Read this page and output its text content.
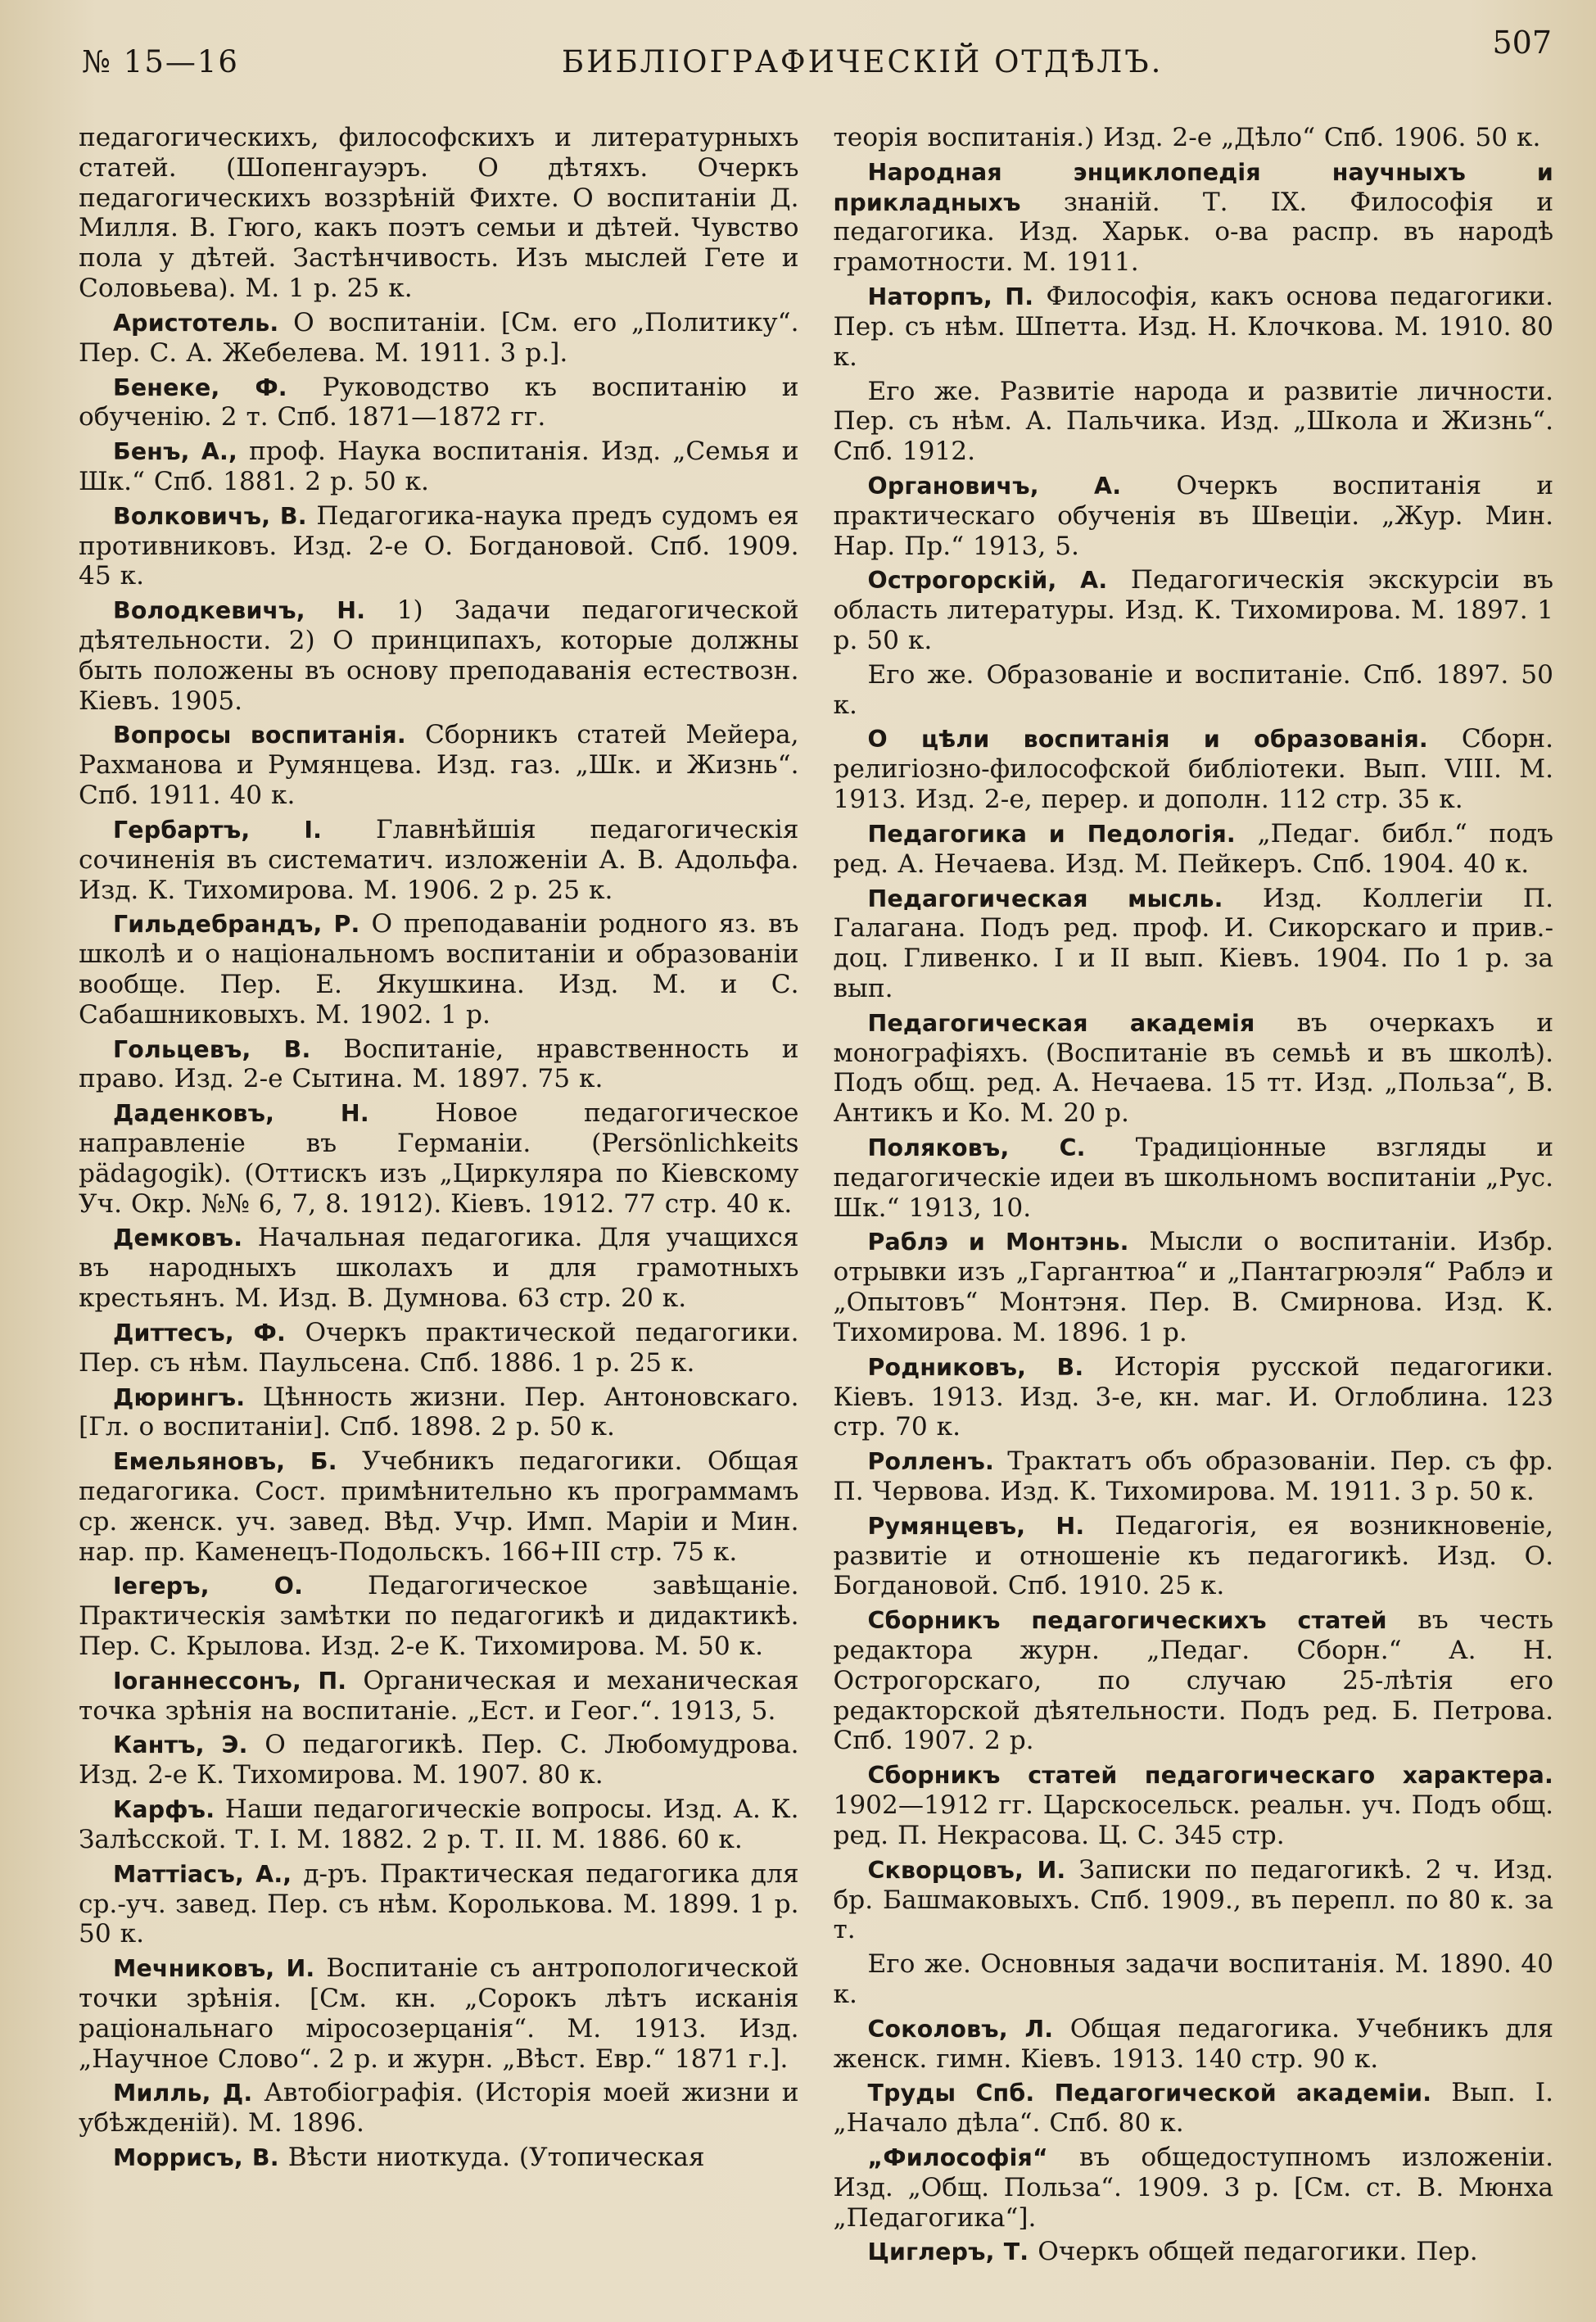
№ 15—16	БИБЛІОГРАФИЧЕСКІЙ ОТДѢЛЪ.
507

педагогическихъ, философскихъ и литературныхъ статей. (Шопенгауэръ. О дѣтяхъ. Очеркъ педагогическихъ воззрѣній Фихте. О воспитаніи Д. Милля. В. Гюго, какъ поэтъ семьи и дѣтей. Чувство пола у дѣтей. Застѣнчивость. Изъ мыслей Гете и Соловьева). М. 1 р. 25 к.

Аристотель. О воспитаніи. [См. его „Политику“. Пер. С. А. Жебелева. М. 1911. 3 р.].

Бенеке, Ф. Руководство къ воспитанію и обученію. 2 т. Спб. 1871—1872 гг.

Бенъ, А., проф. Наука воспитанія. Изд. „Семья и Шк.“ Спб. 1881. 2 р. 50 к.

Волковичъ, В. Педагогика-наука предъ судомъ ея противниковъ. Изд. 2-е О. Богдановой. Спб. 1909. 45 к.

Володкевичъ, Н. 1) Задачи педагогической дѣятельности. 2) О принципахъ, которые должны быть положены въ основу преподаванія естествозн. Кіевъ. 1905.

Вопросы воспитанія. Сборникъ статей Мейера, Рахманова и Румянцева. Изд. газ. „Шк. и Жизнь“. Спб. 1911. 40 к.

Гербартъ, I. Главнѣйшія педагогическія сочиненія въ систематич. изложеніи А. В. Адольфа. Изд. К. Тихомирова. М. 1906. 2 р. 25 к.

Гильдебрандъ, Р. О преподаваніи родного яз. въ школѣ и о національномъ воспитаніи и образованіи вообще. Пер. Е. Якушкина. Изд. М. и С. Сабашниковыхъ. М. 1902. 1 р.

Гольцевъ, В. Воспитаніе, нравственность и право. Изд. 2-е Сытина. М. 1897. 75 к.

Даденковъ, Н.	Новое педагогическое направленіе въ Германіи. (Persönlichkeits pädagogik). (Оттискъ изъ „Циркуляра по Кіевскому Уч. Окр. №№ 6, 7, 8. 1912). Кіевъ. 1912. 77 стр. 40 к.

Демковъ. Начальная педагогика. Для учащихся въ народныхъ школахъ и для грамотныхъ крестьянъ. М. Изд. В. Думнова. 63 стр. 20 к.

Диттесъ, Ф. Очеркъ практической педагогики. Пер. съ нѣм. Паульсена. Спб. 1886. 1 р. 25 к.

Дюрингъ. Цѣнность жизни. Пер. Антоновскаго. [Гл. о воспитаніи]. Спб. 1898. 2 р. 50 к.

Емельяновъ, Б. Учебникъ педагогики. Общая педагогика. Сост. примѣнительно къ программамъ ср. женск. уч. завед. Вѣд. Учр. Имп. Маріи и Мин. нар. пр. Каменецъ-Подольскъ. 166+III стр. 75 к.

Іегеръ, О.	Педагогическое завѣщаніе. Практическія замѣтки по педагогикѣ и дидактикѣ. Пер. С. Крылова. Изд. 2-е К. Тихомирова. М. 50 к.

Іоганнессонъ, П. Органическая и механическая точка зрѣнія на воспитаніе. „Ест. и Геог.“. 1913, 5.

Кантъ, Э. О педагогикѣ. Пер. С. Любомудрова. Изд. 2-е К. Тихомирова. М. 1907. 80 к.

Карфъ. Наши педагогическіе вопросы. Изд. А. К. Залѣсской. Т. I. М. 1882. 2 р. Т. II. М. 1886. 60 к.

Маттіасъ, А., д-ръ. Практическая педагогика для ср.-уч. завед. Пер. съ нѣм. Королькова. М. 1899. 1 р. 50 к.

Мечниковъ, И. Воспитаніе съ антропологической точки зрѣнія. [См. кн. „Сорокъ лѣтъ исканія раціональнаго міросозерцанія“. М. 1913. Изд. „Научное Слово“. 2 р. и журн. „Вѣст. Евр.“ 1871 г.].

Милль, Д. Автобіографія. (Исторія моей жизни и убѣжденій). М. 1896.

Моррисъ, В. Вѣсти ниоткуда. (Утопическая

теорія воспитанія.) Изд. 2-е „Дѣло“ Спб. 1906. 50 к.

Народная энциклопедія научныхъ и прикладныхъ знаній. Т. IX. Философія и педагогика. Изд. Харьк. о-ва распр. въ народѣ грамотности. М. 1911.

Наторпъ, П. Философія, какъ основа педагогики. Пер. съ нѣм. Шпетта. Изд. Н. Клочкова. М. 1910. 80 к.

Его же. Развитіе народа и развитіе личности. Пер. съ нѣм. А. Пальчика. Изд. „Школа и Жизнь“. Спб. 1912.

Органовичъ, А. Очеркъ воспитанія и практическаго обученія въ Швеціи. „Жур. Мин. Нар. Пр.“ 1913, 5.

Острогорскій, А. Педагогическія экскурсіи въ область литературы. Изд. К. Тихомирова. М. 1897. 1 р. 50 к.

Его же. Образованіе и воспитаніе. Спб. 1897. 50 к.

О цѣли воспитанія и образованія. Сборн. религіозно-философской библіотеки. Вып. VIII. М. 1913. Изд. 2-е, перер. и дополн. 112 стр. 35 к.

Педагогика и Педологія. „Педаг. библ.“ подъ ред. А. Нечаева. Изд. М. Пейкеръ. Спб. 1904. 40 к.

Педагогическая мысль. Изд. Коллегіи П. Галагана. Подъ ред. проф. И. Сикорскаго и прив.-доц. Гливенко. I и II вып. Кіевъ. 1904. По 1 р. за вып.

Педагогическая академія въ очеркахъ и монографіяхъ. (Воспитаніе въ семьѣ и въ школѣ). Подъ общ. ред. А. Нечаева. 15 тт. Изд. „Польза“, В. Антикъ и Ко. М. 20 р.

Поляковъ, С. Традиціонные взгляды и педагогическіе идеи въ школьномъ воспитаніи „Рус. Шк.“ 1913, 10.

Раблэ и Монтэнь. Мысли о воспитаніи. Избр. отрывки изъ „Гаргантюа“ и „Пантагрюэля“ Раблэ и „Опытовъ“ Монтэня. Пер. В. Смирнова. Изд. К. Тихомирова. М. 1896. 1 р.

Родниковъ, В. Исторія русской педагогики. Кіевъ. 1913. Изд. 3-е, кн. маг. И. Оглоблина. 123 стр. 70 к.

Ролленъ. Трактатъ объ образованіи. Пер. съ фр. П. Червова. Изд. К. Тихомирова. М. 1911. 3 р. 50 к.

Румянцевъ, Н. Педагогія, ея возникновеніе, развитіе и отношеніе къ педагогикѣ. Изд. О. Богдановой. Спб. 1910. 25 к.

Сборникъ педагогическихъ статей въ честь редактора журн. „Педаг. Сборн.“ А. Н. Острогорскаго, по случаю 25-лѣтія его редакторской дѣятельности. Подъ ред. Б. Петрова. Спб. 1907. 2 р.

Сборникъ статей педагогическаго характера. 1902—1912 гг. Царскосельск. реальн. уч. Подъ общ. ред. П. Некрасова. Ц. С. 345 стр.

Скворцовъ, И. Записки по педагогикѣ. 2 ч. Изд. бр. Башмаковыхъ. Спб. 1909., въ перепл. по 80 к. за т.

Его же. Основныя задачи воспитанія. М. 1890. 40 к.

Соколовъ, Л. Общая педагогика. Учебникъ для женск. гимн. Кіевъ. 1913. 140 стр. 90 к.

Труды Спб. Педагогической академіи. Вып. I. „Начало дѣла“. Спб. 80 к.

„Философія“ въ общедоступномъ изложеніи. Изд. „Общ. Польза“. 1909. 3 р. [См. ст. В. Мюнха „Педагогика“].

Циглеръ, Т. Очеркъ общей педагогики. Пер.
